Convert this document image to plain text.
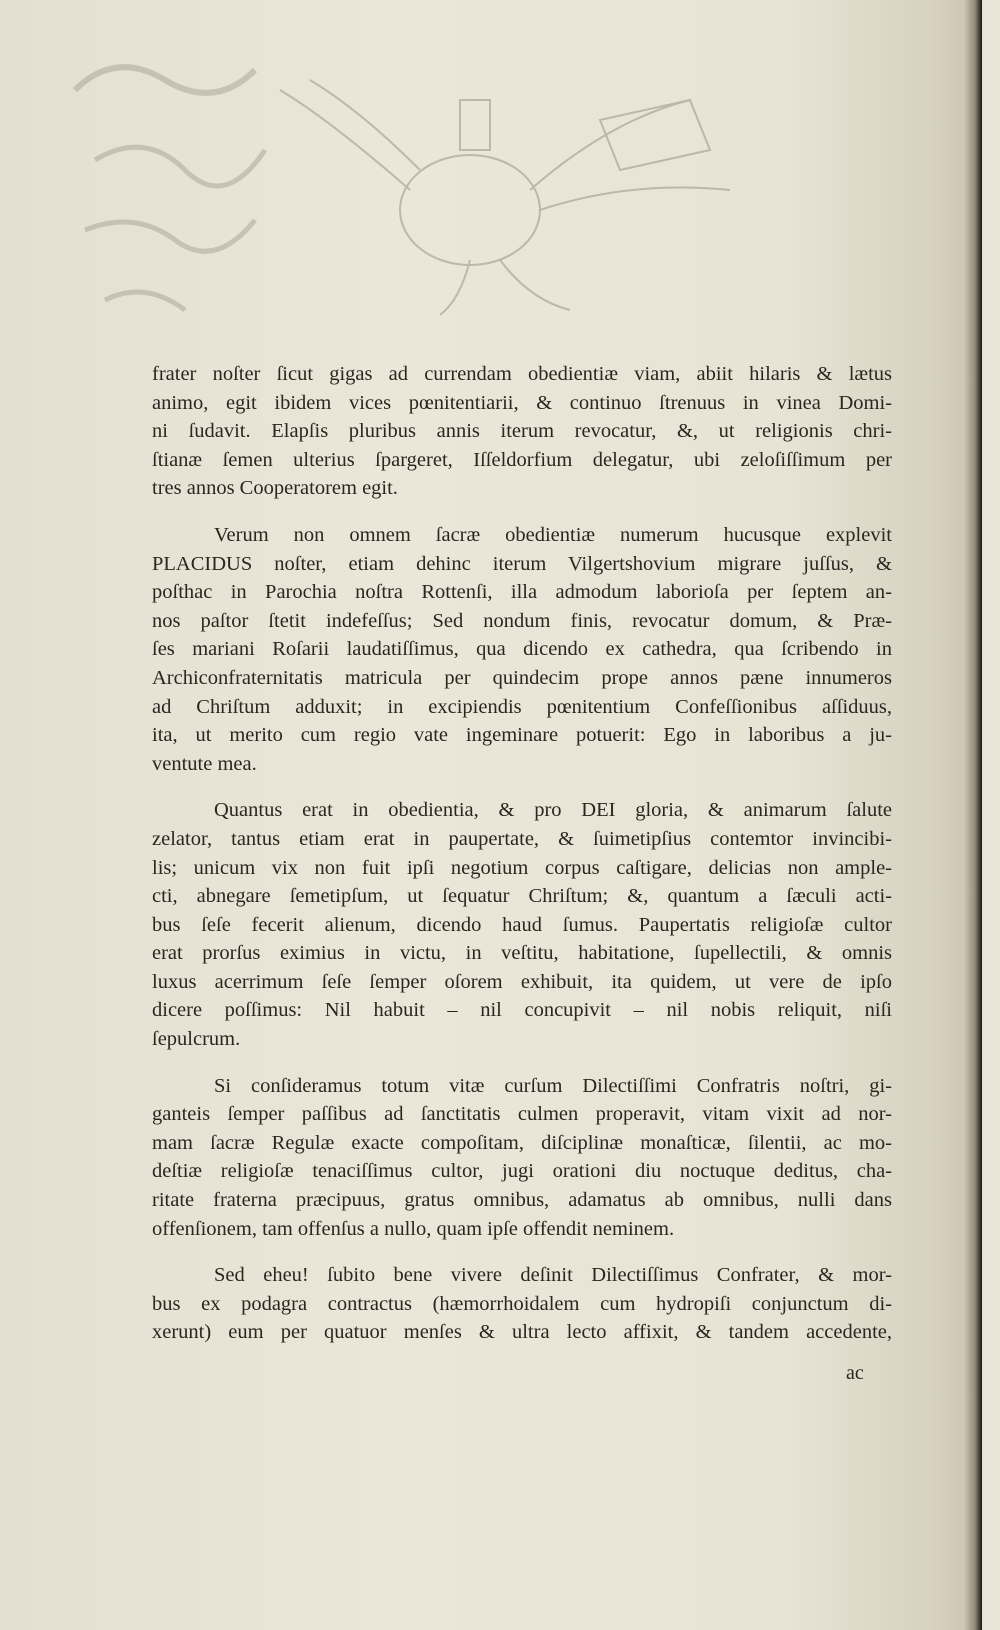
frater noſter ſicut gigas ad currendam obedientiæ viam, abiit hilaris & lætus
animo, egit ibidem vices pœnitentiarii, & continuo ſtrenuus in vinea Domi-
ni ſudavit. Elapſis pluribus annis iterum revocatur, &, ut religionis chri-
ſtianæ ſemen ulterius ſpargeret, Iſſeldorfium delegatur, ubi zeloſiſſimum per
tres annos Cooperatorem egit.

Verum non omnem ſacræ obedientiæ numerum hucusque explevit
PLACIDUS noſter, etiam dehinc iterum Vilgertshovium migrare juſſus, &
poſthac in Parochia noſtra Rottenſi, illa admodum laborioſa per ſeptem an-
nos paſtor ſtetit indefeſſus; Sed nondum finis, revocatur domum, & Præ-
ſes mariani Roſarii laudatiſſimus, qua dicendo ex cathedra, qua ſcribendo in
Archiconfraternitatis matricula per quindecim prope annos pæne innumeros
ad Chriſtum adduxit; in excipiendis pœnitentium Confeſſionibus aſſiduus,
ita, ut merito cum regio vate ingeminare potuerit: Ego in laboribus a ju-
ventute mea.

Quantus erat in obedientia, & pro DEI gloria, & animarum ſalute
zelator, tantus etiam erat in paupertate, & ſuimetipſius contemtor invincibi-
lis; unicum vix non fuit ipſi negotium corpus caſtigare, delicias non ample-
cti, abnegare ſemetipſum, ut ſequatur Chriſtum; &, quantum a ſæculi acti-
bus ſeſe fecerit alienum, dicendo haud ſumus. Paupertatis religioſæ cultor
erat prorſus eximius in victu, in veſtitu, habitatione, ſupellectili, & omnis
luxus acerrimum ſeſe ſemper oſorem exhibuit, ita quidem, ut vere de ipſo
dicere poſſimus: Nil habuit – nil concupivit – nil nobis reliquit, niſi
ſepulcrum.

Si conſideramus totum vitæ curſum Dilectiſſimi Confratris noſtri, gi-
ganteis ſemper paſſibus ad ſanctitatis culmen properavit, vitam vixit ad nor-
mam ſacræ Regulæ exacte compoſitam, diſciplinæ monaſticæ, ſilentii, ac mo-
deſtiæ religioſæ tenaciſſimus cultor, jugi orationi diu noctuque deditus, cha-
ritate fraterna præcipuus, gratus omnibus, adamatus ab omnibus, nulli dans
offenſionem, tam offenſus a nullo, quam ipſe offendit neminem.

Sed eheu! ſubito bene vivere deſinit Dilectiſſimus Confrater, & mor-
bus ex podagra contractus (hæmorrhoidalem cum hydropiſi conjunctum di-
xerunt) eum per quatuor menſes & ultra lecto affixit, & tandem accedente,

ac
